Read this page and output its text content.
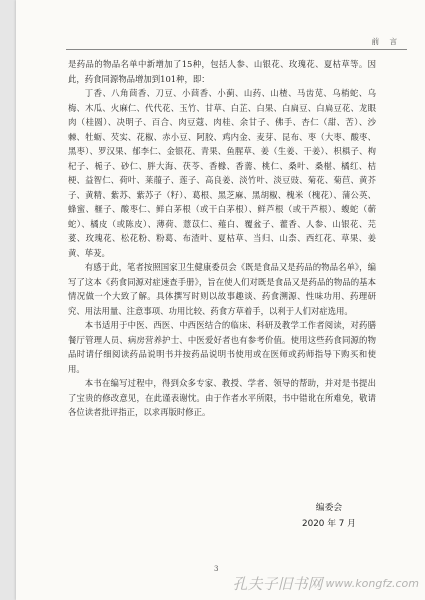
前 言

是药品的物品名单中新增加了15种，包括人参、山银花、玫瑰花、夏枯草等。因此，药食同源物品增加到101种，即：

丁香、八角茴香、刀豆、小茴香、小蓟、山药、山楂、马齿苋、乌梢蛇、乌梅、木瓜、火麻仁、代代花、玉竹、甘草、白芷、白果、白扁豆、白扁豆花、龙眼肉（桂圆）、决明子、百合、肉豆蔻、肉桂、余甘子、佛手、杏仁（甜、苦）、沙棘、牡蛎、芡实、花椒、赤小豆、阿胶、鸡内金、麦芽、昆布、枣（大枣、酸枣、黑枣）、罗汉果、郁李仁、金银花、青果、鱼腥草、姜（生姜、干姜）、枳椇子、枸杞子、栀子、砂仁、胖大海、茯苓、香橼、香薷、桃仁、桑叶、桑椹、橘红、桔梗、益智仁、荷叶、莱菔子、莲子、高良姜、淡竹叶、淡豆豉、菊花、菊苣、黄芥子、黄精、紫苏、紫苏子（籽）、葛根、黑芝麻、黑胡椒、槐米（槐花）、蒲公英、蜂蜜、榧子、酸枣仁、鲜白茅根（或干白茅根）、鲜芦根（或干芦根）、蝮蛇（蕲蛇）、橘皮（或陈皮）、薄荷、薏苡仁、薤白、覆盆子、藿香、人参、山银花、芫荽、玫瑰花、松花粉、粉葛、布渣叶、夏枯草、当归、山柰、西红花、草果、姜黄、荜茇。

有感于此，笔者按照国家卫生健康委员会《既是食品又是药品的物品名单》，编写了这本《药食同源对症速查手册》，旨在使人们对既是食品又是药品的物品的基本情况做一个大致了解。具体撰写时则以故事趣谈、药食溯源、性味功用、药理研究、用法用量、注意事项、功用比较、药食方草着手，以利于人们对症选用。

本书适用于中医、西医、中西医结合的临床、科研及教学工作者阅读，对药膳餐厅管理人员、病房营养护士、中医爱好者也有参考价值。使用这些药食同源的物品时请仔细阅读药品说明书并按药品说明书使用或在医师或药师指导下购买和使用。

本书在编写过程中，得到众多专家、教授、学者、领导的帮助，并对是书提出了宝贵的修改意见，在此谨表谢忱。由于作者水平所限，书中错讹在所难免，敬请各位读者批评指正，以求再版时修正。

编委会
2020 年 7 月
3
孔夫子旧书网 www.kongfz.com
